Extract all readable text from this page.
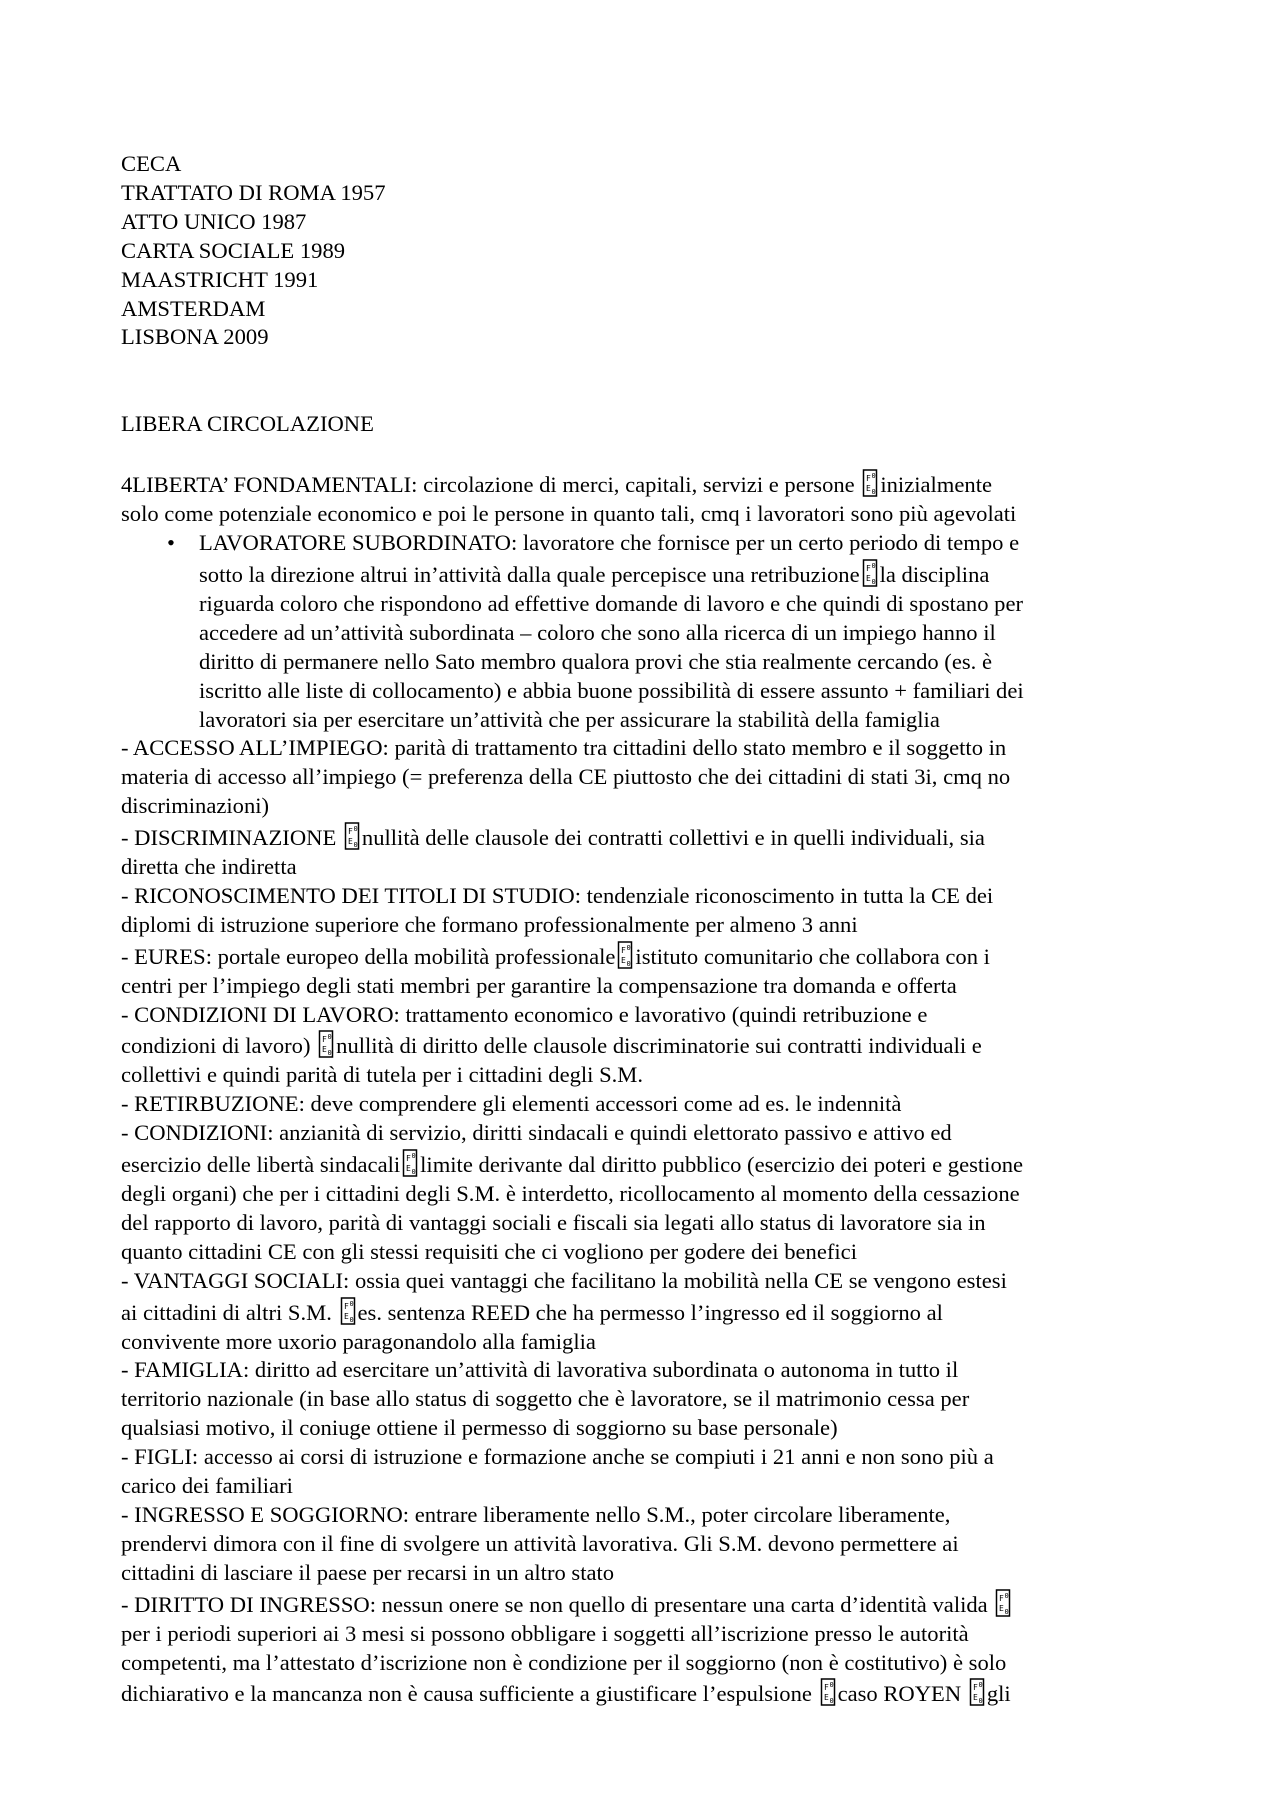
CECA
TRATTATO DI ROMA 1957
ATTO UNICO 1987
CARTA SOCIALE 1989
MAASTRICHT 1991
AMSTERDAM
LISBONA 2009
LIBERA CIRCOLAZIONE
4LIBERTA’ FONDAMENTALI: circolazione di merci, capitali, servizi e persone
inizialmente
solo come potenziale economico e poi le persone in quanto tali, cmq i lavoratori sono più agevolati
• LAVORATORE SUBORDINATO: lavoratore che fornisce per un certo periodo di tempo e
sotto la direzione altrui in’attività dalla quale percepisce una retribuzione la disciplina
riguarda coloro che rispondono ad effettive domande di lavoro e che quindi di spostano per
accedere ad un’attività subordinata – coloro che sono alla ricerca di un impiego hanno il
diritto di permanere nello Sato membro qualora provi che stia realmente cercando (es. è
iscritto alle liste di collocamento) e abbia buone possibilità di essere assunto + familiari dei
lavoratori sia per esercitare un’attività che per assicurare la stabilità della famiglia
- ACCESSO ALL’IMPIEGO: parità di trattamento tra cittadini dello stato membro e il soggetto in
materia di accesso all’impiego (= preferenza della CE piuttosto che dei cittadini di stati 3i, cmq no
discriminazioni)
- DISCRIMINAZIONE
nullità delle clausole dei contratti collettivi e in quelli individuali, sia
diretta che indiretta
- RICONOSCIMENTO DEI TITOLI DI STUDIO: tendenziale riconoscimento in tutta la CE dei
diplomi di istruzione superiore che formano professionalmente per almeno 3 anni
- EURES: portale europeo della mobilità professionale istituto comunitario che collabora con i
centri per l’impiego degli stati membri per garantire la compensazione tra domanda e offerta
- CONDIZIONI DI LAVORO: trattamento economico e lavorativo (quindi retribuzione e
condizioni di lavoro)
nullità di diritto delle clausole discriminatorie sui contratti individuali e
collettivi e quindi parità di tutela per i cittadini degli S.M.
- RETIRBUZIONE: deve comprendere gli elementi accessori come ad es. le indennità
- CONDIZIONI: anzianità di servizio, diritti sindacali e quindi elettorato passivo e attivo ed
esercizio delle libertà sindacali limite derivante dal diritto pubblico (esercizio dei poteri e gestione
degli organi) che per i cittadini degli S.M. è interdetto, ricollocamento al momento della cessazione
del rapporto di lavoro, parità di vantaggi sociali e fiscali sia legati allo status di lavoratore sia in
quanto cittadini CE con gli stessi requisiti che ci vogliono per godere dei benefici
- VANTAGGI SOCIALI: ossia quei vantaggi che facilitano la mobilità nella CE se vengono estesi
ai cittadini di altri S.M.
es. sentenza REED che ha permesso l’ingresso ed il soggiorno al
convivente more uxorio paragonandolo alla famiglia
- FAMIGLIA: diritto ad esercitare un’attività di lavorativa subordinata o autonoma in tutto il
territorio nazionale (in base allo status di soggetto che è lavoratore, se il matrimonio cessa per
qualsiasi motivo, il coniuge ottiene il permesso di soggiorno su base personale)
- FIGLI: accesso ai corsi di istruzione e formazione anche se compiuti i 21 anni e non sono più a
carico dei familiari
- INGRESSO E SOGGIORNO: entrare liberamente nello S.M., poter circolare liberamente,
prendervi dimora con il fine di svolgere un attività lavorativa. Gli S.M. devono permettere ai
cittadini di lasciare il paese per recarsi in un altro stato
- DIRITTO DI INGRESSO: nessun onere se non quello di presentare una carta d’identità valida
per i periodi superiori ai 3 mesi si possono obbligare i soggetti all’iscrizione presso le autorità
competenti, ma l’attestato d’iscrizione non è condizione per il soggiorno (non è costitutivo) è solo
dichiarativo e la mancanza non è causa sufficiente a giustificare l’espulsione
caso ROYEN
gli
